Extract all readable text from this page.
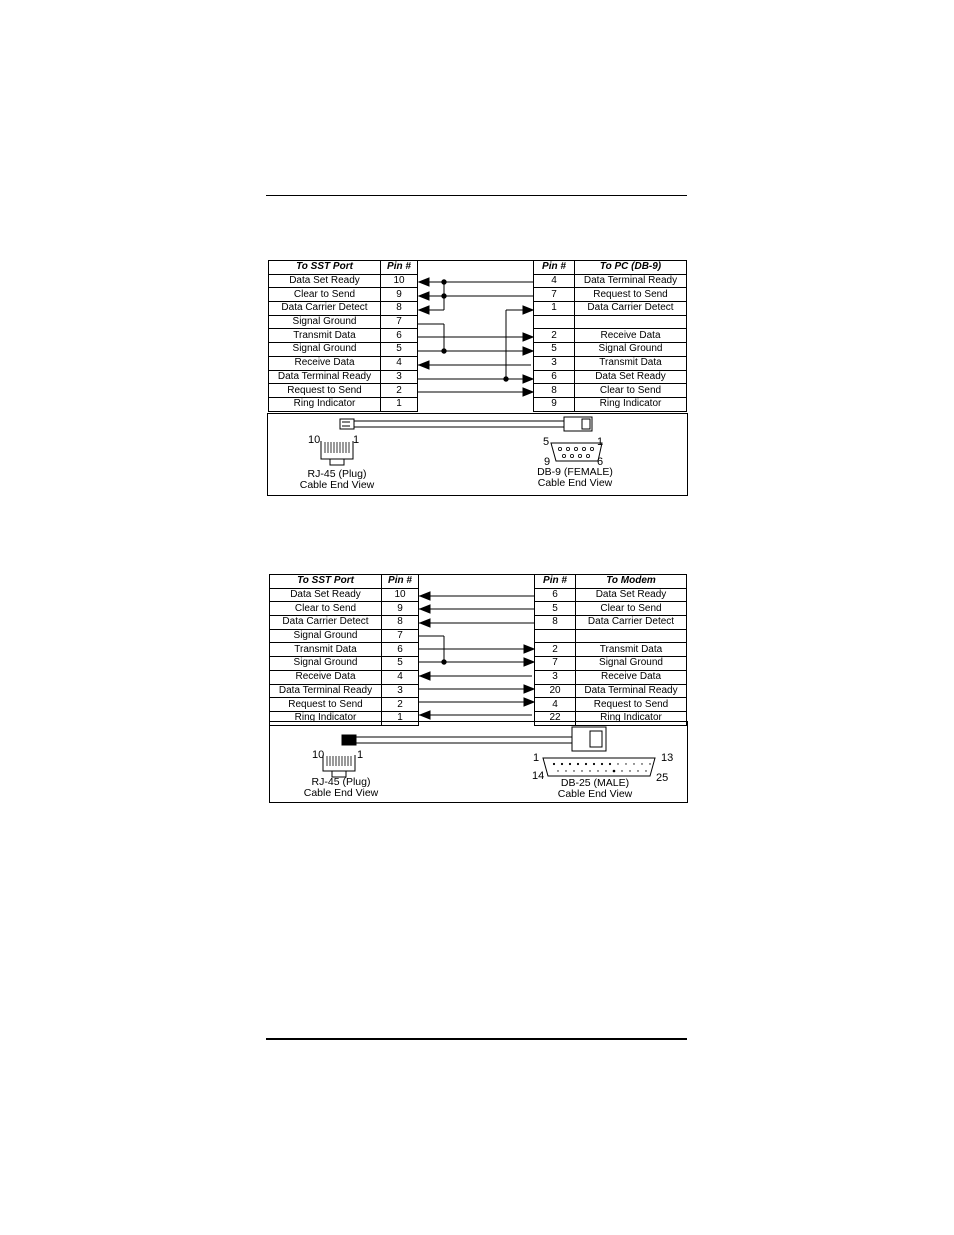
To SST Port	Pin #
Data Set Ready	10
Clear to Send	9
Data Carrier Detect	8
Signal Ground	7
Transmit Data	6
Signal Ground	5
Receive Data	4
Data Terminal Ready	3
Request to Send	2
Ring Indicator	1
Pin #	To PC (DB-9)
4	Data Terminal Ready
7	Request to Send
1	Data Carrier Detect

2	Receive Data
5	Signal Ground
3	Transmit Data
6	Data Set Ready
8	Clear to Send
9	Ring Indicator
10	1
RJ-45 (Plug)
Cable End View
5	1
9	6
DB-9 (FEMALE)
Cable End View
To SST Port	Pin #
Data Set Ready	10
Clear to Send	9
Data Carrier Detect	8
Signal Ground	7
Transmit Data	6
Signal Ground	5
Receive Data	4
Data Terminal Ready	3
Request to Send	2
Ring Indicator	1
Pin #	To Modem
6	Data Set Ready
5	Clear to Send
8	Data Carrier Detect

2	Transmit Data
7	Signal Ground
3	Receive Data
20	Data Terminal Ready
4	Request to Send
22	Ring Indicator
10	1
RJ-45 (Plug)
Cable End View
1	13
14	25
DB-25 (MALE)
Cable End View
